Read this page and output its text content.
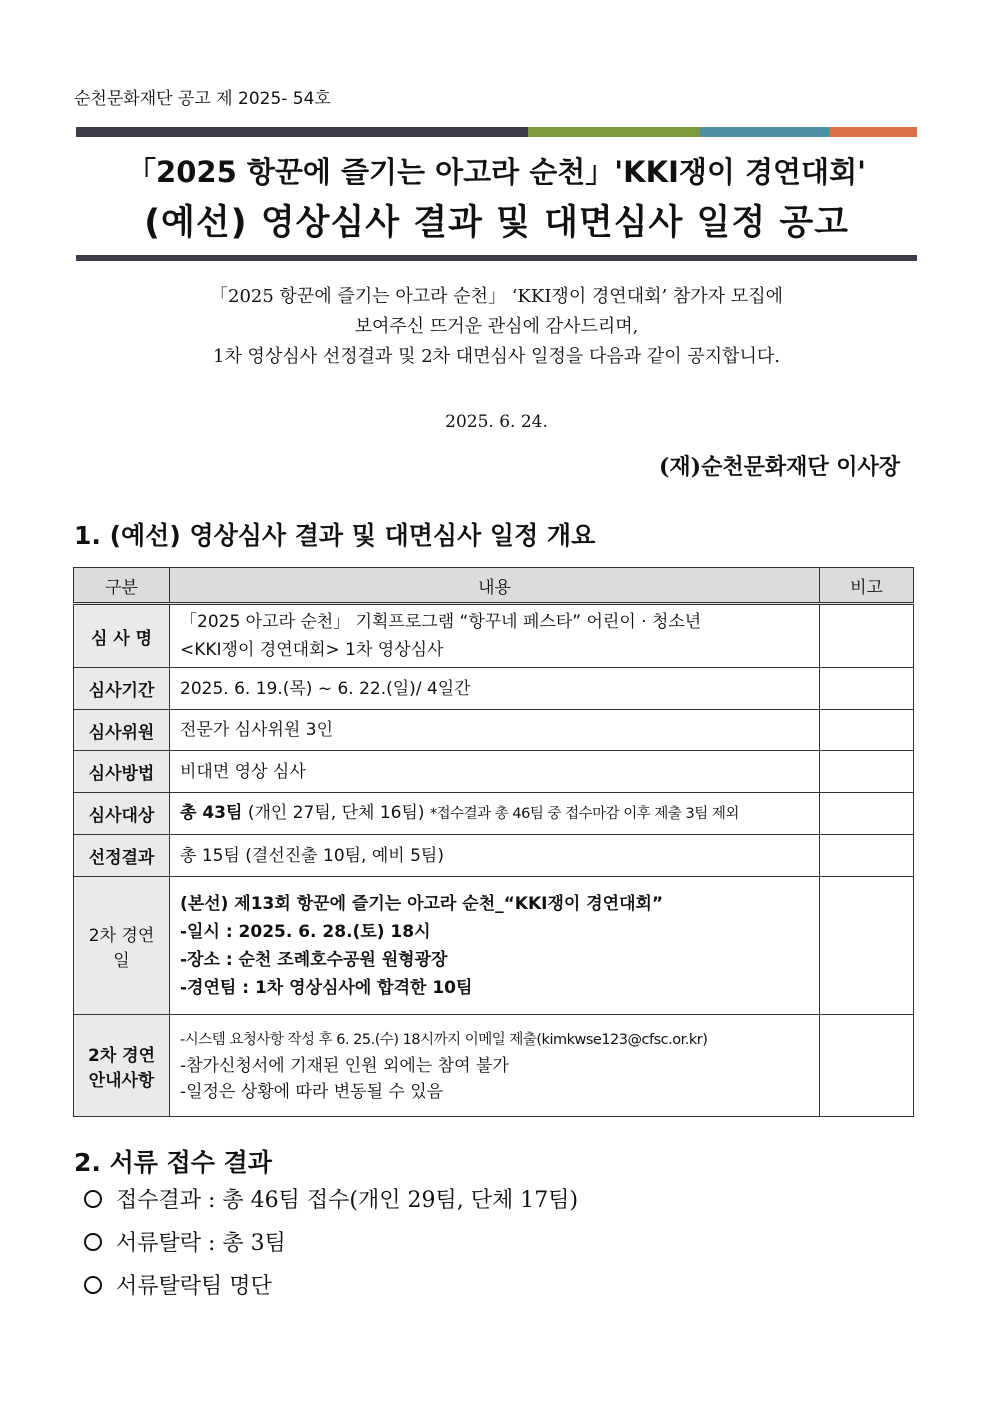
순천문화재단 공고 제 2025- 54호
「2025 항꾼에 즐기는 아고라 순천」'KKI쟁이 경연대회'
(예선) 영상심사 결과 및 대면심사 일정 공고
「2025 항꾼에 즐기는 아고라 순천」 ‘KKI쟁이 경연대회’ 참가자 모집에
보여주신 뜨거운 관심에 감사드리며,
1차 영상심사 선정결과 및 2차 대면심사 일정을 다음과 같이 공지합니다.
2025. 6. 24.
(재)순천문화재단 이사장
1. (예선) 영상심사 결과 및 대면심사 일정 개요
구분	내용	비고
심 사 명	「2025 아고라 순천」 기획프로그램 “항꾸네 페스타” 어린이 · 청소년
<KKI쟁이 경연대회> 1차 영상심사	

심사기간	2025. 6. 19.(목) ~ 6. 22.(일)/ 4일간	
심사위원	전문가 심사위원 3인	
심사방법	비대면 영상 심사	
심사대상	총 43팀 (개인 27팀, 단체 16팀) *접수결과 총 46팀 중 접수마감 이후 제출 3팀 제외	
선정결과	총 15팀 (결선진출 10팀, 예비 5팀)	
2차 경연일	(본선) 제13회 항꾼에 즐기는 아고라 순천_“KKI쟁이 경연대회”
-일시 : 2025. 6. 28.(토) 18시
-장소 : 순천 조례호수공원 원형광장
-경연팀 : 1차 영상심사에 합격한 10팀	

2차 경연
안내사항	-시스템 요청사항 작성 후 6. 25.(수) 18시까지 이메일 제출(kimkwse123@cfsc.or.kr)
-참가신청서에 기재된 인원 외에는 참여 불가
-일정은 상황에 따라 변동될 수 있음	

2. 서류 접수 결과
접수결과 : 총 46팀 접수(개인 29팀, 단체 17팀)
서류탈락 : 총 3팀
서류탈락팀 명단
